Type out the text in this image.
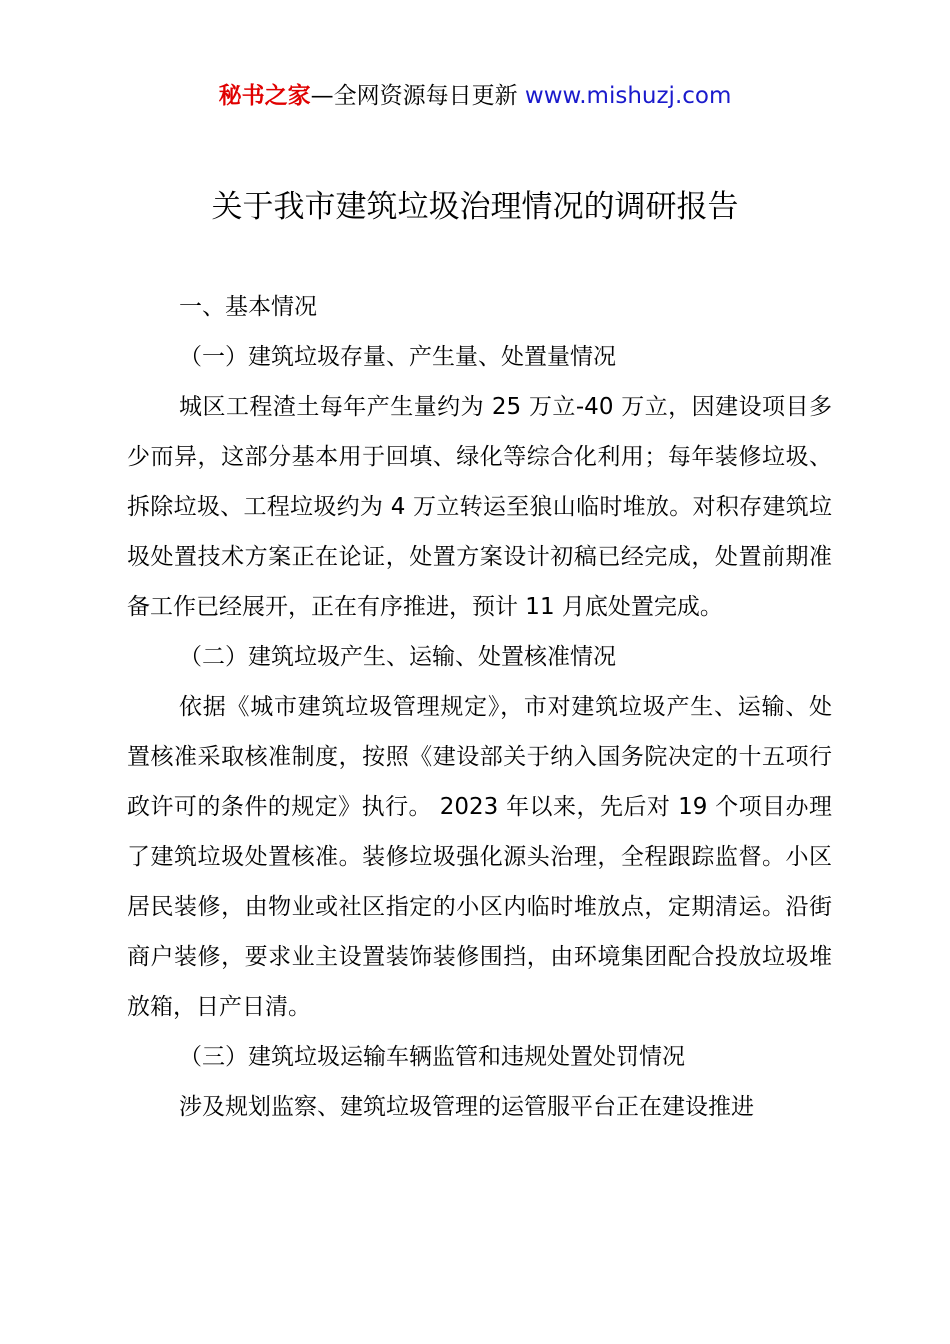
秘书之家—全网资源每日更新 www.mishuzj.com
关于我市建筑垃圾治理情况的调研报告

一、基本情况

（一）建筑垃圾存量、产生量、处置量情况

城区工程渣土每年产生量约为 25 万立-40 万立，因建设项目多少而异，这部分基本用于回填、绿化等综合化利用；每年装修垃圾、拆除垃圾、工程垃圾约为 4 万立转运至狼山临时堆放。对积存建筑垃圾处置技术方案正在论证，处置方案设计初稿已经完成，处置前期准备工作已经展开，正在有序推进，预计 11 月底处置完成。

（二）建筑垃圾产生、运输、处置核准情况

依据《城市建筑垃圾管理规定》，市对建筑垃圾产生、运输、处置核准采取核准制度，按照《建设部关于纳入国务院决定的十五项行政许可的条件的规定》执行。 2023 年以来，先后对 19 个项目办理了建筑垃圾处置核准。装修垃圾强化源头治理，全程跟踪监督。小区居民装修，由物业或社区指定的小区内临时堆放点，定期清运。沿街商户装修，要求业主设置装饰装修围挡，由环境集团配合投放垃圾堆放箱，日产日清。

（三）建筑垃圾运输车辆监管和违规处置处罚情况

涉及规划监察、建筑垃圾管理的运管服平台正在建设推进
